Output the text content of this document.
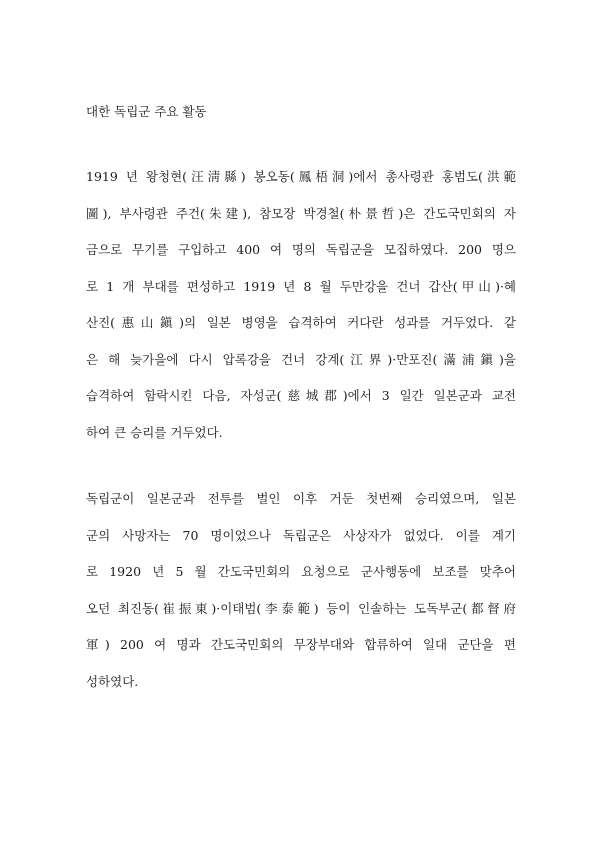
대한 독립군 주요 활동
1919 년 왕청현(汪淸縣) 봉오동(鳳梧洞)에서 총사령관 홍범도(洪範
圖), 부사령관 주건(朱建), 참모장 박경철(朴景哲)은 간도국민회의 자
금으로 무기를 구입하고 400 여 명의 독립군을 모집하였다. 200 명으
로 1 개 부대를 편성하고 1919 년 8 월 두만강을 건너 갑산(甲山)·혜
산진(惠山鎭)의 일본 병영을 습격하여 커다란 성과를 거두었다. 같
은 해 늦가을에 다시 압록강을 건너 강계(江界)·만포진(滿浦鎭)을
습격하여 함락시킨 다음, 자성군(慈城郡)에서 3 일간 일본군과 교전
하여 큰 승리를 거두었다.
독립군이 일본군과 전투를 벌인 이후 거둔 첫번째 승리였으며, 일본
군의 사망자는 70 명이었으나 독립군은 사상자가 없었다. 이를 계기
로 1920 년 5 월 간도국민회의 요청으로 군사행동에 보조를 맞추어
오던 최진동(崔振東)·이태범(李泰範) 등이 인솔하는 도독부군(都督府
軍) 200 여 명과 간도국민회의 무장부대와 합류하여 일대 군단을 편
성하였다.
